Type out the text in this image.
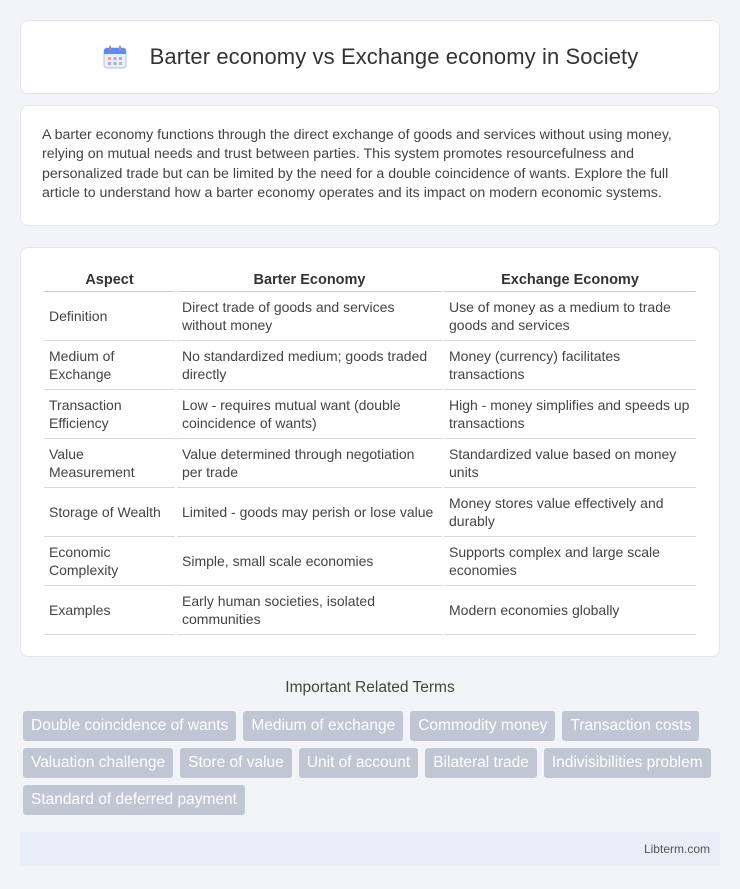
Barter economy vs Exchange economy in Society

A barter economy functions through the direct exchange of goods and services without using money, relying on mutual needs and trust between parties. This system promotes resourcefulness and personalized trade but can be limited by the need for a double coincidence of wants. Explore the full article to understand how a barter economy operates and its impact on modern economic systems.

Aspect	Barter Economy	Exchange Economy
Definition	Direct trade of goods and services without money	Use of money as a medium to trade goods and services
Medium of Exchange	No standardized medium; goods traded directly	Money (currency) facilitates transactions
Transaction Efficiency	Low - requires mutual want (double coincidence of wants)	High - money simplifies and speeds up transactions
Value Measurement	Value determined through negotiation per trade	Standardized value based on money units
Storage of Wealth	Limited - goods may perish or lose value	Money stores value effectively and durably
Economic Complexity	Simple, small scale economies	Supports complex and large scale economies
Examples	Early human societies, isolated communities	Modern economies globally
Important Related Terms
Double coincidence of wants	Medium of exchange	Commodity money	Transaction costs
Valuation challenge	Store of value	Unit of account	Bilateral trade	Indivisibilities problem
Standard of deferred payment
Libterm.com
